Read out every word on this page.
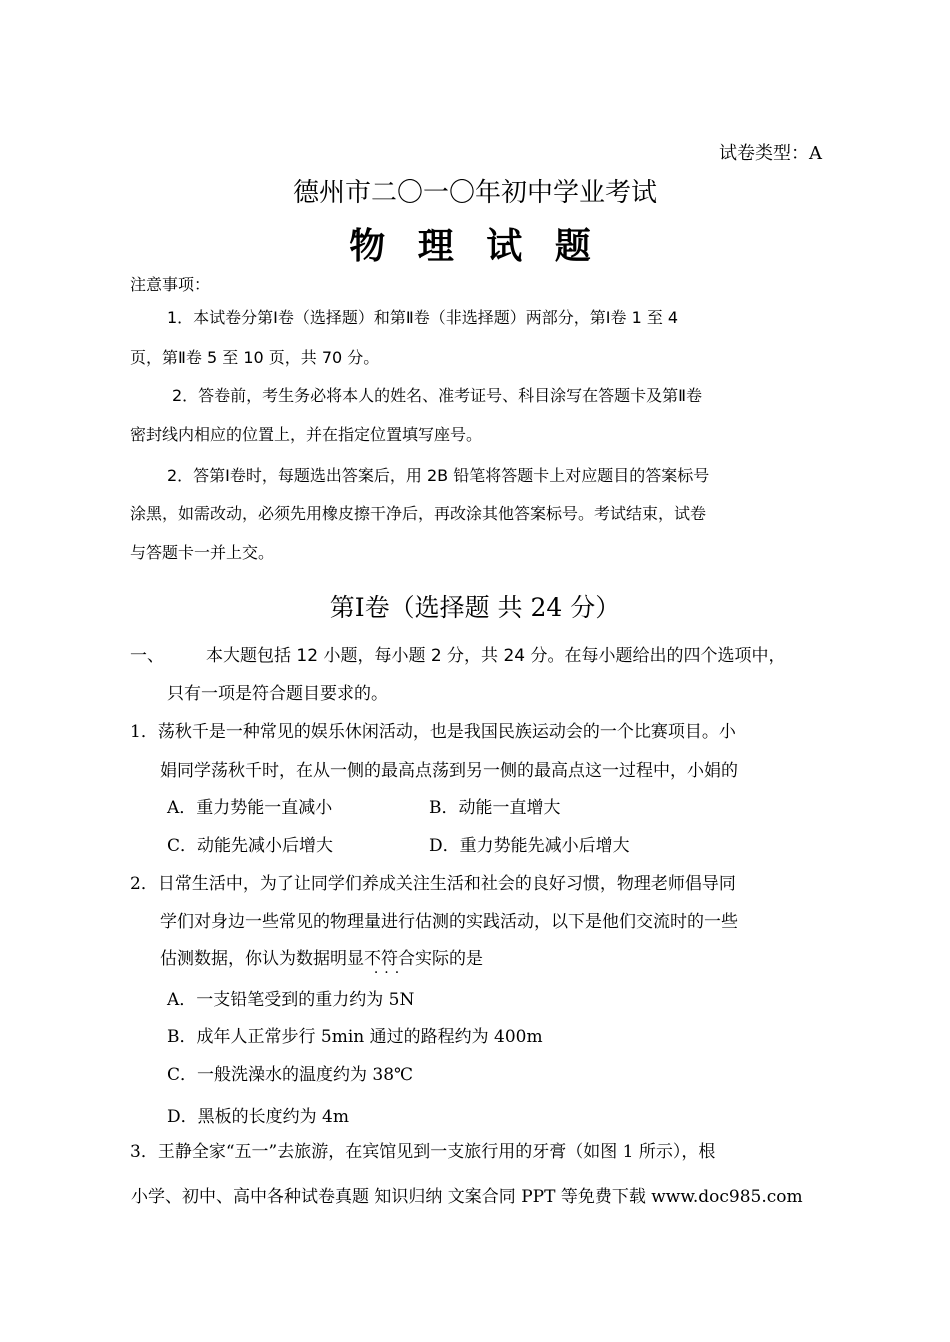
试卷类型：A
德州市二〇一〇年初中学业考试
物 理 试 题
注意事项：
1．本试卷分第Ⅰ卷（选择题）和第Ⅱ卷（非选择题）两部分，第Ⅰ卷 1 至 4
页，第Ⅱ卷 5 至 10 页，共 70 分。
2．答卷前，考生务必将本人的姓名、准考证号、科目涂写在答题卡及第Ⅱ卷
密封线内相应的位置上，并在指定位置填写座号。
2．答第Ⅰ卷时，每题选出答案后，用 2B 铅笔将答题卡上对应题目的答案标号
涂黑，如需改动，必须先用橡皮擦干净后，再改涂其他答案标号。考试结束，试卷
与答题卡一并上交。
第Ⅰ卷（选择题 共 24 分）
一、 本大题包括 12 小题，每小题 2 分，共 24 分。在每小题给出的四个选项中，
只有一项是符合题目要求的。
1．荡秋千是一种常见的娱乐休闲活动，也是我国民族运动会的一个比赛项目。小
娟同学荡秋千时，在从一侧的最高点荡到另一侧的最高点这一过程中，小娟的
A．重力势能一直减小	B．动能一直增大
C．动能先减小后增大	D．重力势能先减小后增大
2．日常生活中，为了让同学们养成关注生活和社会的良好习惯，物理老师倡导同
学们对身边一些常见的物理量进行估测的实践活动，以下是他们交流时的一些
估测数据，你认为数据明显不符合
···
实际的是
A．一支铅笔受到的重力约为 5N
B．成年人正常步行 5min 通过的路程约为 400m
C．一般洗澡水的温度约为 38℃
D．黑板的长度约为 4m
3．王静全家“五一”去旅游，在宾馆见到一支旅行用的牙膏（如图 1 所示），根
小学、初中、高中各种试卷真题 知识归纳 文案合同 PPT 等免费下载 www.doc985.com
